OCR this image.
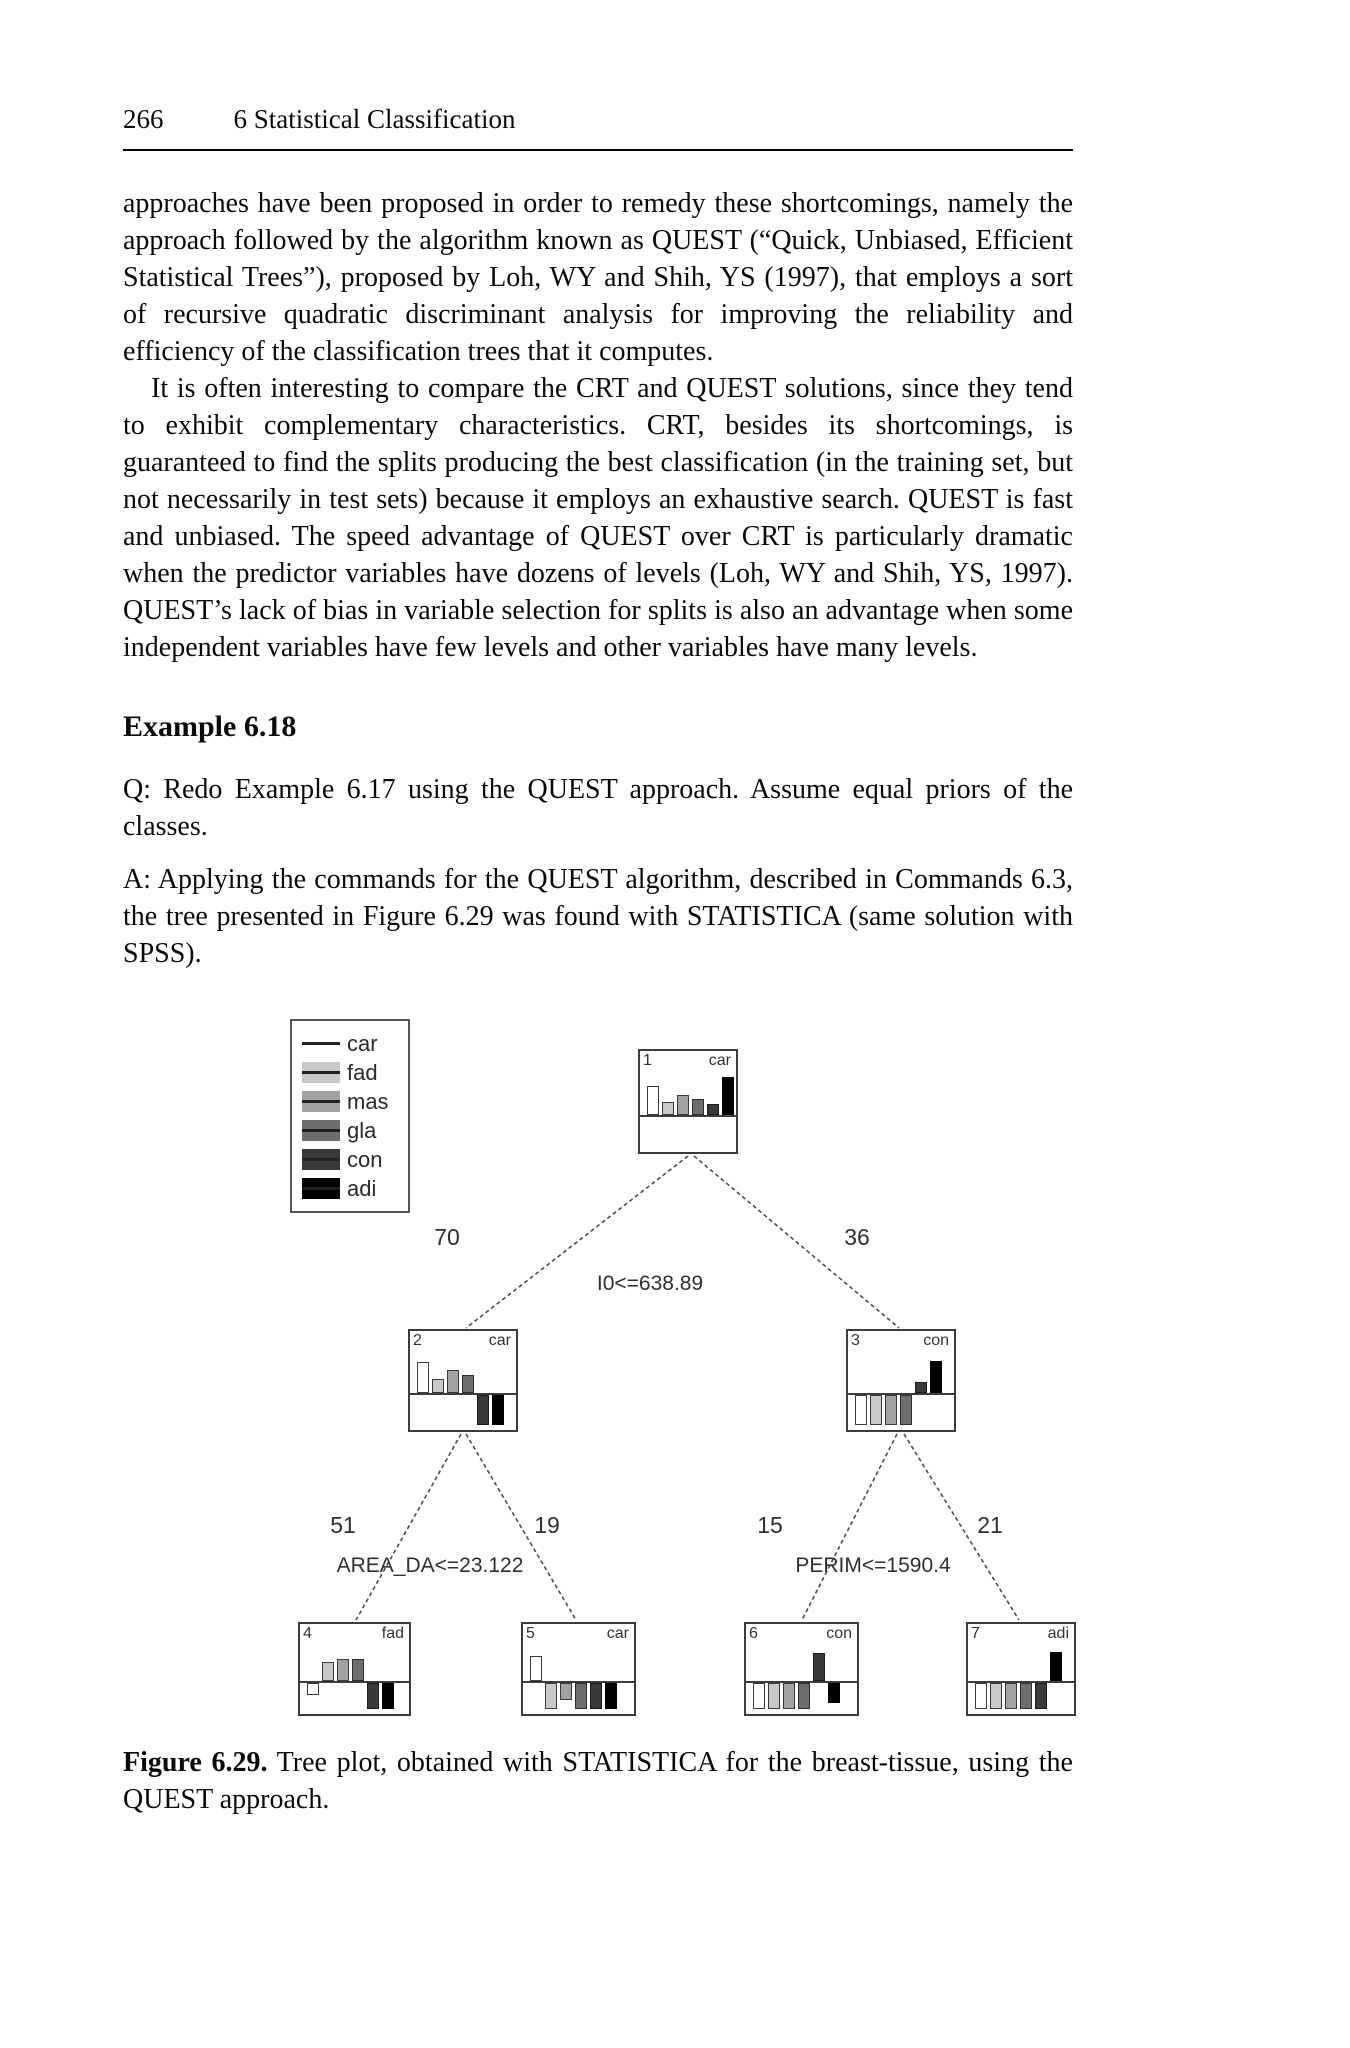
266	6 Statistical Classification

approaches have been proposed in order to remedy these shortcomings, namely the approach followed by the algorithm known as QUEST (“Quick, Unbiased, Efficient Statistical Trees”), proposed by Loh, WY and Shih, YS (1997), that employs a sort of recursive quadratic discriminant analysis for improving the reliability and efficiency of the classification trees that it computes.

It is often interesting to compare the CRT and QUEST solutions, since they tend to exhibit complementary characteristics. CRT, besides its shortcomings, is guaranteed to find the splits producing the best classification (in the training set, but not necessarily in test sets) because it employs an exhaustive search. QUEST is fast and unbiased. The speed advantage of QUEST over CRT is particularly dramatic when the predictor variables have dozens of levels (Loh, WY and Shih, YS, 1997). QUEST’s lack of bias in variable selection for splits is also an advantage when some independent variables have few levels and other variables have many levels.

Example 6.18

Q: Redo Example 6.17 using the QUEST approach. Assume equal priors of the classes.

A: Applying the commands for the QUEST algorithm, described in Commands 6.3, the tree presented in Figure 6.29 was found with STATISTICA (same solution with SPSS).

car
fad
mas
gla
con
adi
70	36
51	19	15	21
I0<=638.89
AREA_DA<=23.122	PERIM<=1590.4
1	car
2	car	3	con
4	fad	5	car	6	con	7	adi

Figure 6.29. Tree plot, obtained with STATISTICA for the breast-tissue, using the QUEST approach.
